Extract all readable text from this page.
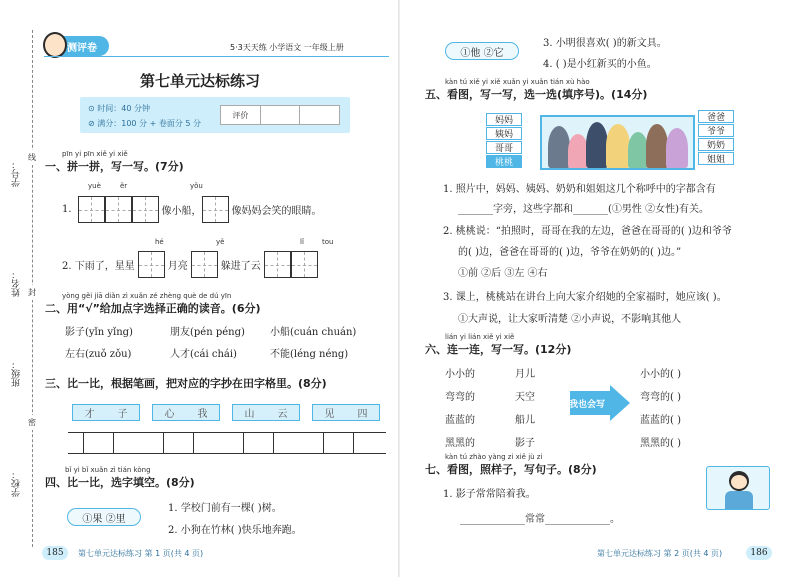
学号：
姓名：
班级：
学校：
线
封
密
测评卷	5·3天天练 小学语文 一年级上册
第七单元达标练习
⊙ 时间：40 分钟
⊘ 满分：100 分 + 卷面分 5 分
评价
pīn yi pīn xiě yi xiě
一、拼一拼，写一写。(7分)
yuè	ěr	yǒu
1.	像小船，	像妈妈会笑的眼睛。
hé	yě	lǐ	tou
2. 下雨了，星星	月亮	躲进了云
yòng gěi jiā diǎn zì xuǎn zé zhèng què de dú yīn
二、用“√”给加点字选择正确的读音。(6分)
影子(yǐn yǐng)	朋友(pén péng)	小船(cuán chuán)
左右(zuǒ zǒu)	人才(cái chái)	不能(léng néng)
三、比一比，根据笔画，把对应的字抄在田字格里。(8分)
才 子	心 我	山 云	见 四
bǐ yi bǐ xuǎn zì tián kòng
四、比一比，选字填空。(8分)
①果 ②里
1. 学校门前有一棵( )树。
2. 小狗在竹林( )快乐地奔跑。
185	第七单元达标练习 第 1 页(共 4 页)
①他 ②它
3. 小明很喜欢( )的新文具。
4. ( )是小红新买的小鱼。
kàn tú xiě yi xiě xuǎn yi xuǎn tián xù hào
五、看图，写一写，选一选(填序号)。(14分)
妈妈
姨妈
哥哥
桃桃
爸爸
爷爷
奶奶
姐姐
1. 照片中，妈妈、姨妈、奶奶和姐姐这几个称呼中的字都含有
_______字旁，这些字都和_______(①男性 ②女性)有关。
2. 桃桃说：“拍照时，哥哥在我的左边，爸爸在哥哥的( )边和爷爷
的( )边，爸爸在哥哥的( )边，爷爷在奶奶的( )边。”
①前 ②后 ③左 ④右
3. 课上，桃桃站在讲台上向大家介绍她的全家福时，她应该( )。
①大声说，让大家听清楚 ②小声说，不影响其他人
lián yi lián xiě yi xiě
六、连一连，写一写。(12分)
小小的
弯弯的
蓝蓝的
黑黑的
月儿
天空
船儿
影子
我也会写
小小的( )
弯弯的( )
蓝蓝的( )
黑黑的( )
kàn tú zhào yàng zi xiě jù zi
七、看图，照样子，写句子。(8分)
1. 影子常常陪着我。
_____________常常_____________。
第七单元达标练习 第 2 页(共 4 页)	186
